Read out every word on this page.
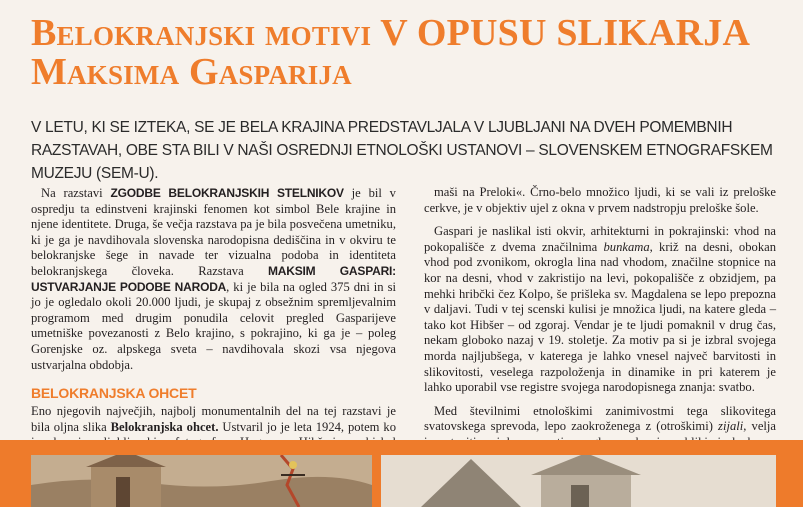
Belokranjski motivi V OPUSU SLIKARJA
Maksima Gasparija
V LETU, KI SE IZTEKA, SE JE BELA KRAJINA PREDSTAVLJALA V LJUBLJANI NA DVEH POMEMBNIH RAZSTAVAH, OBE STA BILI V NAŠI OSREDNJI ETNOLOŠKI USTANOVI – SLOVENSKEM ETNOGRAFSKEM MUZEJU (SEM-U).

Na razstavi ZGODBE BELOKRANJSKIH STELNIKOV je bil v ospredju ta edinstveni krajinski fenomen kot simbol Bele krajine in njene identitete. Druga, še večja razstava pa je bila posvečena umetniku, ki je ga je navdihovala slovenska narodopisna dediščina in v okviru te belokranjske šege in navade ter vizualna podoba in identiteta belokranjskega človeka. Razstava MAKSIM GASPARI: USTVARJANJE PODOBE NARODA, ki je bila na ogled 375 dni in si jo je ogledalo okoli 20.000 ljudi, je skupaj z obsežnim spremljevalnim programom med drugim ponudila celovit pregled Gasparijeve umetniške povezanosti z Belo krajino, s pokrajino, ki ga je – poleg Gorenjske oz. alpskega sveta – navdihovala skozi vsa njegova ustvarjalna obdobja.

BELOKRANJSKA OHCET

Eno njegovih največjih, najbolj monumentalnih del na tej razstavi je bila oljna slika Belokranjska ohcet. Ustvaril jo je leta 1924, potem ko

maši na Preloki«. Črno-belo množico ljudi, ki se vali iz preloške cerkve, je v objektiv ujel z okna v prvem nadstropju preloške šole.

Gaspari je naslikal isti okvir, arhitekturni in pokrajinski: vhod na pokopališče z dvema značilnima bunkama, križ na desni, obokan vhod pod zvonikom, okrogla lina nad vhodom, značilne stopnice na kor na desni, vhod v zakristijo na levi, pokopališče z obzidjem, pa mehki hribčki čez Kolpo, še prišleka sv. Magdalena se lepo prepozna v daljavi. Tudi v tej scenski kulisi je množica ljudi, na katere gleda – tako kot Hibšer – od zgoraj. Vendar je te ljudi pomaknil v drug čas, nekam globoko nazaj v 19. stoletje. Za motiv pa si je izbral svojega morda najljubšega, v katerega je lahko vnesel največ barvitosti in slikovitosti, veselega razpoloženja in dinamike in pri katerem je lahko uporabil vse registre svojega narodopisnega znanja: svatbo.

Med številnimi etnološkimi zanimivostmi tega slikovitega svatovskega sprevoda, lepo zaokroženega z (otroškimi) zijali, velja
